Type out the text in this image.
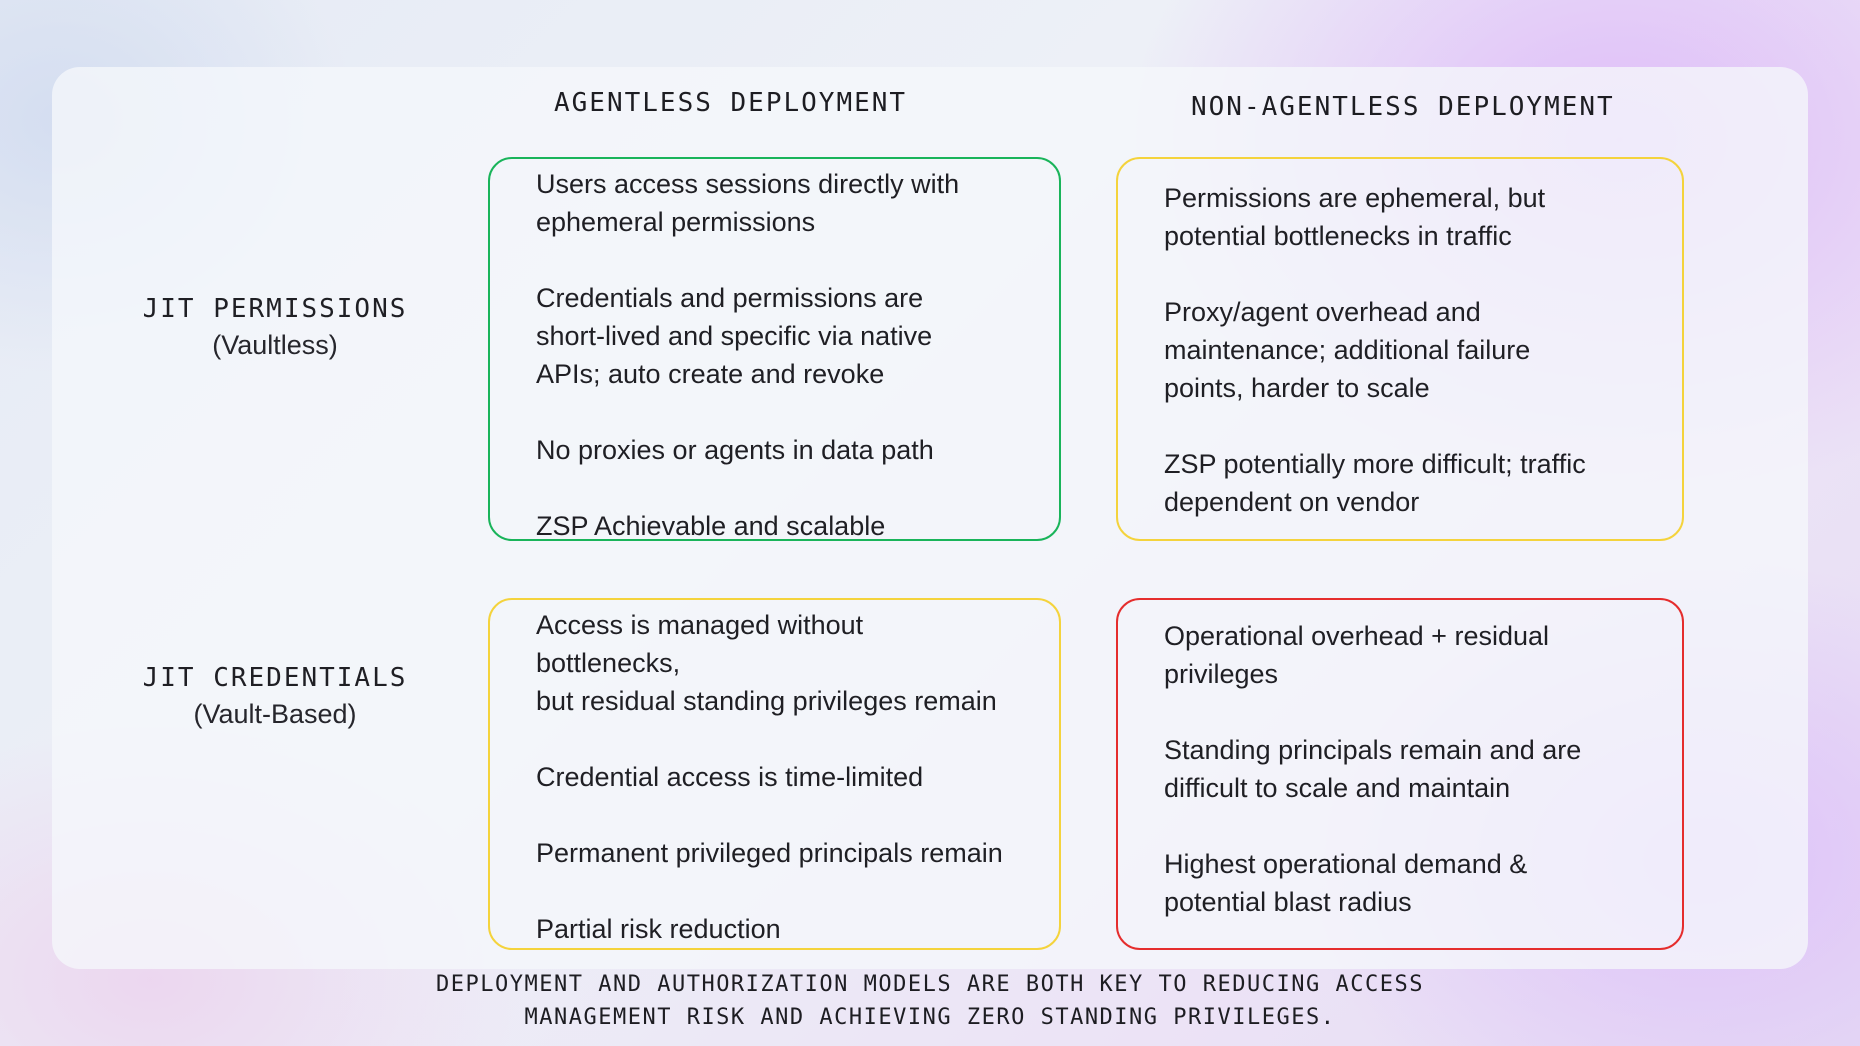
AGENTLESS DEPLOYMENT	NON-AGENTLESS DEPLOYMENT
JIT PERMISSIONS
(Vaultless)
JIT CREDENTIALS
(Vault-Based)

Users access sessions directly with
ephemeral permissions

Credentials and permissions are
short-lived and specific via native
APIs; auto create and revoke

No proxies or agents in data path

ZSP Achievable and scalable

Permissions are ephemeral, but
potential bottlenecks in traffic

Proxy/agent overhead and
maintenance; additional failure
points, harder to scale

ZSP potentially more difficult; traffic
dependent on vendor

Access is managed without
bottlenecks,
but residual standing privileges remain

Credential access is time-limited

Permanent privileged principals remain

Partial risk reduction

Operational overhead + residual
privileges

Standing principals remain and are
difficult to scale and maintain

Highest operational demand &
potential blast radius

DEPLOYMENT AND AUTHORIZATION MODELS ARE BOTH KEY TO REDUCING ACCESS
MANAGEMENT RISK AND ACHIEVING ZERO STANDING PRIVILEGES.
